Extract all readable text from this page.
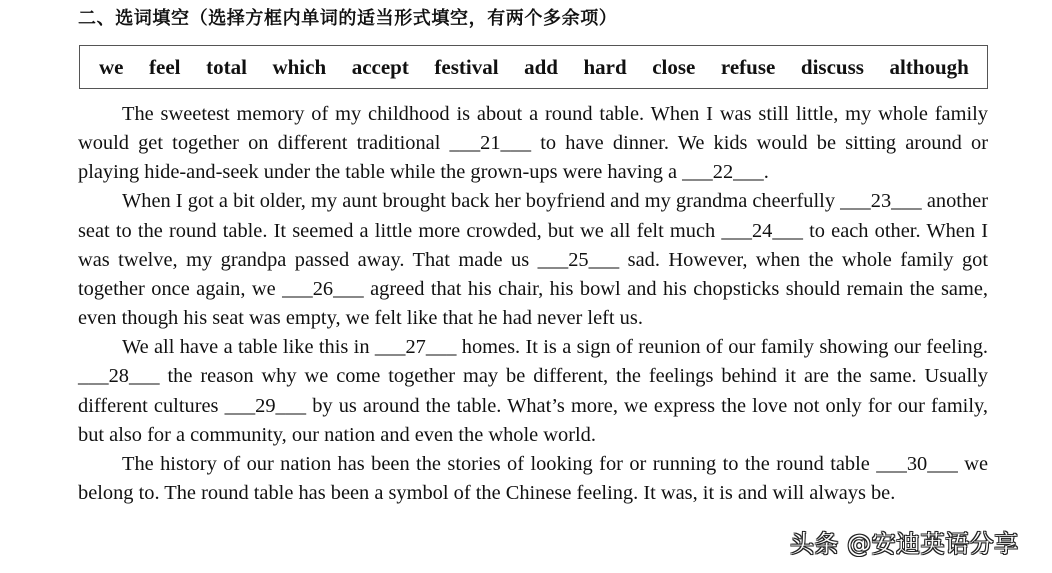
二、选词填空（选择方框内单词的适当形式填空，有两个多余项）
we feel total which accept festival add hard close refuse discuss although

The sweetest memory of my childhood is about a round table. When I was still little, my whole family would get together on different traditional ___21___ to have dinner. We kids would be sitting around or playing hide-and-seek under the table while the grown-ups were having a ___22___.

When I got a bit older, my aunt brought back her boyfriend and my grandma cheerfully ___23___ another seat to the round table. It seemed a little more crowded, but we all felt much ___24___ to each other. When I was twelve, my grandpa passed away. That made us ___25___ sad. However, when the whole family got together once again, we ___26___ agreed that his chair, his bowl and his chopsticks should remain the same, even though his seat was empty, we felt like that he had never left us.

We all have a table like this in ___27___ homes. It is a sign of reunion of our family showing our feeling. ___28___ the reason why we come together may be different, the feelings behind it are the same. Usually different cultures ___29___ by us around the table. What’s more, we express the love not only for our family, but also for a community, our nation and even the whole world.

The history of our nation has been the stories of looking for or running to the round table ___30___ we belong to. The round table has been a symbol of the Chinese feeling. It was, it is and will always be.

头条 @安迪英语分享
